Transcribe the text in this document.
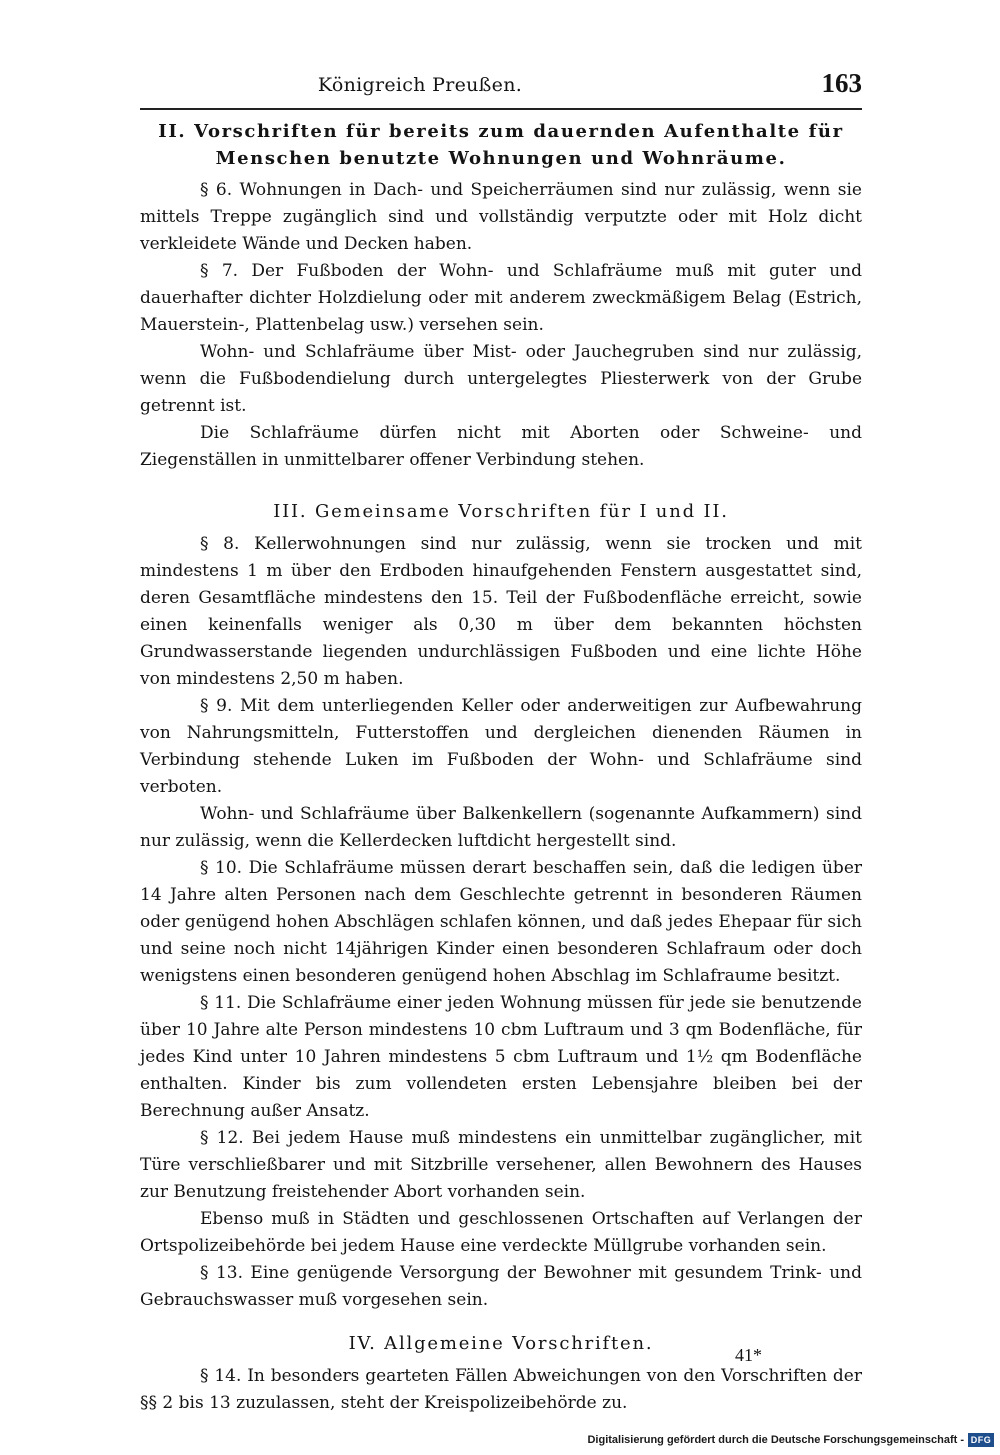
Königreich Preußen.	163

II. Vorschriften für bereits zum dauernden Aufenthalte für Menschen benutzte Wohnungen und Wohnräume.

§ 6. Wohnungen in Dach- und Speicherräumen sind nur zulässig, wenn sie mittels Treppe zugänglich sind und vollständig verputzte oder mit Holz dicht verkleidete Wände und Decken haben.

§ 7. Der Fußboden der Wohn- und Schlafräume muß mit guter und dauerhafter dichter Holzdielung oder mit anderem zweckmäßigem Belag (Estrich, Mauerstein-, Plattenbelag usw.) versehen sein.

Wohn- und Schlafräume über Mist- oder Jauchegruben sind nur zulässig, wenn die Fußbodendielung durch untergelegtes Pliesterwerk von der Grube getrennt ist.

Die Schlafräume dürfen nicht mit Aborten oder Schweine- und Ziegenställen in unmittelbarer offener Verbindung stehen.

III. Gemeinsame Vorschriften für I und II.

§ 8. Kellerwohnungen sind nur zulässig, wenn sie trocken und mit mindestens 1 m über den Erdboden hinaufgehenden Fenstern ausgestattet sind, deren Gesamtfläche mindestens den 15. Teil der Fußbodenfläche erreicht, sowie einen keinenfalls weniger als 0,30 m über dem bekannten höchsten Grundwasserstande liegenden undurchlässigen Fußboden und eine lichte Höhe von mindestens 2,50 m haben.

§ 9. Mit dem unterliegenden Keller oder anderweitigen zur Aufbewahrung von Nahrungsmitteln, Futterstoffen und dergleichen dienenden Räumen in Verbindung stehende Luken im Fußboden der Wohn- und Schlafräume sind verboten.

Wohn- und Schlafräume über Balkenkellern (sogenannte Aufkammern) sind nur zulässig, wenn die Kellerdecken luftdicht hergestellt sind.

§ 10. Die Schlafräume müssen derart beschaffen sein, daß die ledigen über 14 Jahre alten Personen nach dem Geschlechte getrennt in besonderen Räumen oder genügend hohen Abschlägen schlafen können, und daß jedes Ehepaar für sich und seine noch nicht 14jährigen Kinder einen besonderen Schlafraum oder doch wenigstens einen besonderen genügend hohen Abschlag im Schlafraume besitzt.

§ 11. Die Schlafräume einer jeden Wohnung müssen für jede sie benutzende über 10 Jahre alte Person mindestens 10 cbm Luftraum und 3 qm Bodenfläche, für jedes Kind unter 10 Jahren mindestens 5 cbm Luftraum und 1½ qm Bodenfläche enthalten. Kinder bis zum vollendeten ersten Lebensjahre bleiben bei der Berechnung außer Ansatz.

§ 12. Bei jedem Hause muß mindestens ein unmittelbar zugänglicher, mit Türe verschließbarer und mit Sitzbrille versehener, allen Bewohnern des Hauses zur Benutzung freistehender Abort vorhanden sein.

Ebenso muß in Städten und geschlossenen Ortschaften auf Verlangen der Ortspolizeibehörde bei jedem Hause eine verdeckte Müllgrube vorhanden sein.

§ 13. Eine genügende Versorgung der Bewohner mit gesundem Trink- und Gebrauchswasser muß vorgesehen sein.

IV. Allgemeine Vorschriften.

§ 14. In besonders gearteten Fällen Abweichungen von den Vorschriften der §§ 2 bis 13 zuzulassen, steht der Kreispolizeibehörde zu.

41*
Digitalisierung gefördert durch die Deutsche Forschungsgemeinschaft - DFG
